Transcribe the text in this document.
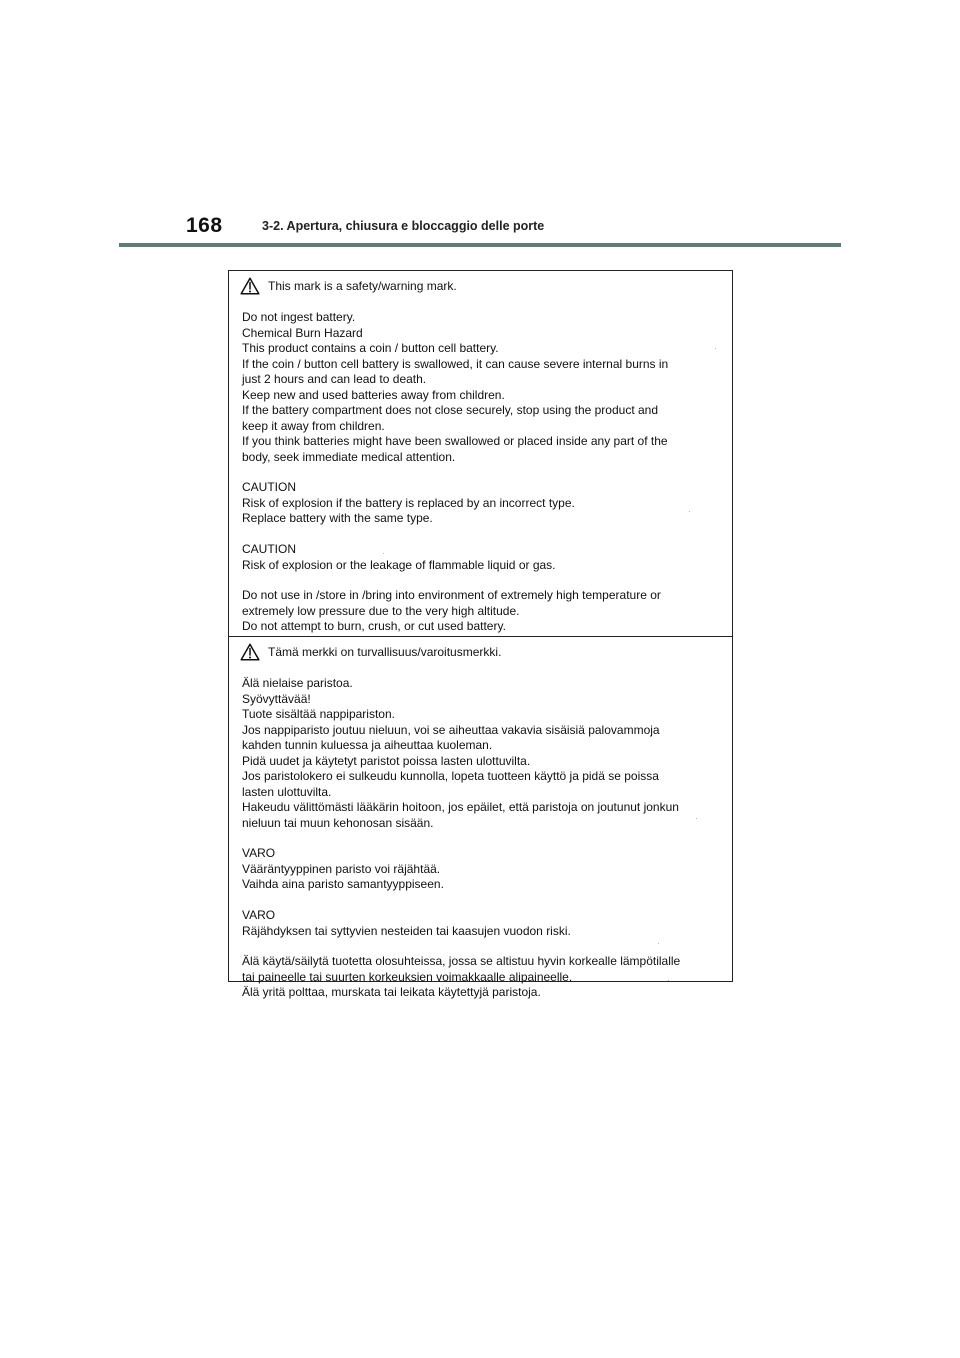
168	3-2. Apertura, chiusura e bloccaggio delle porte
This mark is a safety/warning mark.

Do not ingest battery.

Chemical Burn Hazard

This product contains a coin / button cell battery.

If the coin / button cell battery is swallowed, it can cause severe internal burns in

just 2 hours and can lead to death.

Keep new and used batteries away from children.

If the battery compartment does not close securely, stop using the product and

keep it away from children.

If you think batteries might have been swallowed or placed inside any part of the

body, seek immediate medical attention.

CAUTION

Risk of explosion if the battery is replaced by an incorrect type.

Replace battery with the same type.

CAUTION

Risk of explosion or the leakage of flammable liquid or gas.

Do not use in /store in /bring into environment of extremely high temperature or

extremely low pressure due to the very high altitude.

Do not attempt to burn, crush, or cut used battery.

Tämä merkki on turvallisuus/varoitusmerkki.

Älä nielaise paristoa.

Syövyttävää!

Tuote sisältää nappipariston.

Jos nappiparisto joutuu nieluun, voi se aiheuttaa vakavia sisäisiä palovammoja

kahden tunnin kuluessa ja aiheuttaa kuoleman.

Pidä uudet ja käytetyt paristot poissa lasten ulottuvilta.

Jos paristolokero ei sulkeudu kunnolla, lopeta tuotteen käyttö ja pidä se poissa

lasten ulottuvilta.

Hakeudu välittömästi lääkärin hoitoon, jos epäilet, että paristoja on joutunut jonkun

nieluun tai muun kehonosan sisään.

VARO

Vääräntyyppinen paristo voi räjähtää.

Vaihda aina paristo samantyyppiseen.

VARO

Räjähdyksen tai syttyvien nesteiden tai kaasujen vuodon riski.

Älä käytä/säilytä tuotetta olosuhteissa, jossa se altistuu hyvin korkealle lämpötilalle

tai paineelle tai suurten korkeuksien voimakkaalle alipaineelle.

Älä yritä polttaa, murskata tai leikata käytettyjä paristoja.
